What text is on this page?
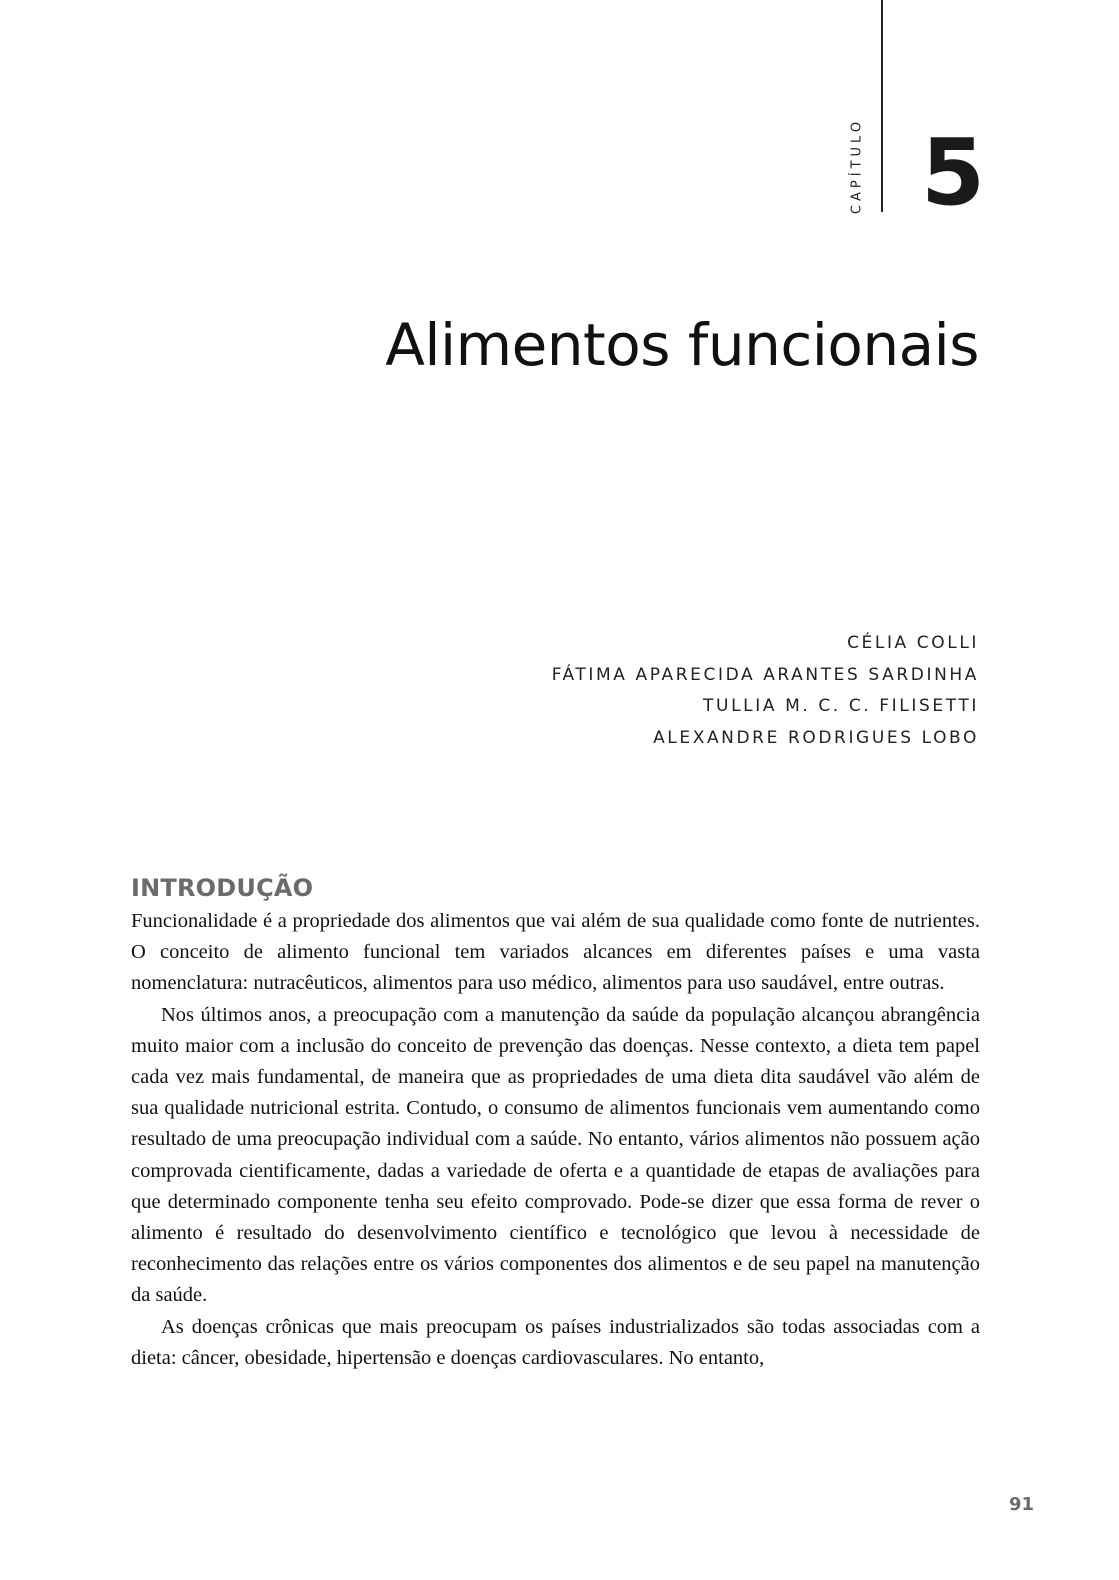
CAPÍTULO 5
Alimentos funcionais
CÉLIA COLLI
FÁTIMA APARECIDA ARANTES SARDINHA
TULLIA M. C. C. FILISETTI
ALEXANDRE RODRIGUES LOBO
INTRODUÇÃO

Funcionalidade é a propriedade dos alimentos que vai além de sua qualidade como fonte de nutrientes. O conceito de alimento funcional tem variados alcances em diferentes países e uma vasta nomenclatura: nutracêuticos, alimentos para uso médico, alimentos para uso saudável, entre outras.

Nos últimos anos, a preocupação com a manutenção da saúde da população alcançou abrangência muito maior com a inclusão do conceito de prevenção das doenças. Nesse contexto, a dieta tem papel cada vez mais fundamental, de maneira que as propriedades de uma dieta dita saudável vão além de sua qualidade nutricional estrita. Contudo, o consumo de alimentos funcionais vem aumentando como resultado de uma preocupação individual com a saúde. No entanto, vários alimentos não possuem ação comprovada cientificamente, dadas a variedade de oferta e a quantidade de etapas de avaliações para que determinado componente tenha seu efeito comprovado. Pode-se dizer que essa forma de rever o alimento é resultado do desenvolvimento científico e tecnológico que levou à necessidade de reconhecimento das relações entre os vários componentes dos alimentos e de seu papel na manutenção da saúde.

As doenças crônicas que mais preocupam os países industrializados são todas associadas com a dieta: câncer, obesidade, hipertensão e doenças cardiovasculares. No entanto,

91
